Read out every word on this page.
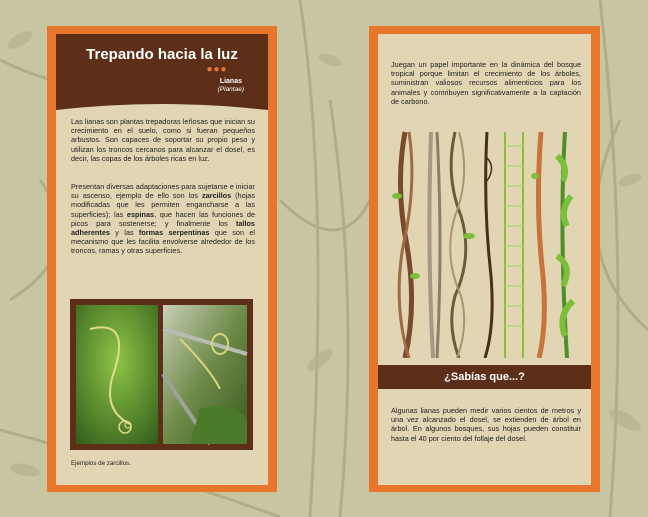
Trepando hacia la luz
●●●
Lianas
(Plantae)

Las lianas son plantas trepadoras leñosas que inician su crecimiento en el suelo, como si fueran pequeños arbustos. Son capaces de soportar su propio peso y utilizan los troncos cercanos para alcanzar el dosel, es decir, las copas de los árboles ricas en luz.

Presentan diversas adaptaciones para sujetarse e iniciar su ascenso, ejemplo de ello son los zarcillos (hojas modificadas que les permiten engancharse a las superficies); las espinas, que hacen las funciones de picos para sostenerse; y finalmente los tallos adherentes y las formas serpentinas que son el mecanismo que les facilita envolverse alrededor de los troncos, ramas y otras superficies.

Ejemplos de zarcillos.

Juegan un papel importante en la dinámica del bosque tropical porque limitan el crecimiento de los árboles, suministran valiosos recursos alimenticios para los animales y contribuyen significativamente a la captación de carbono.

¿Sabías que...?

Algunas lianas pueden medir varios cientos de metros y una vez alcanzado el dosel, se extienden de árbol en árbol. En algunos bosques, sus hojas pueden constituir hasta el 40 por ciento del follaje del dosel.
